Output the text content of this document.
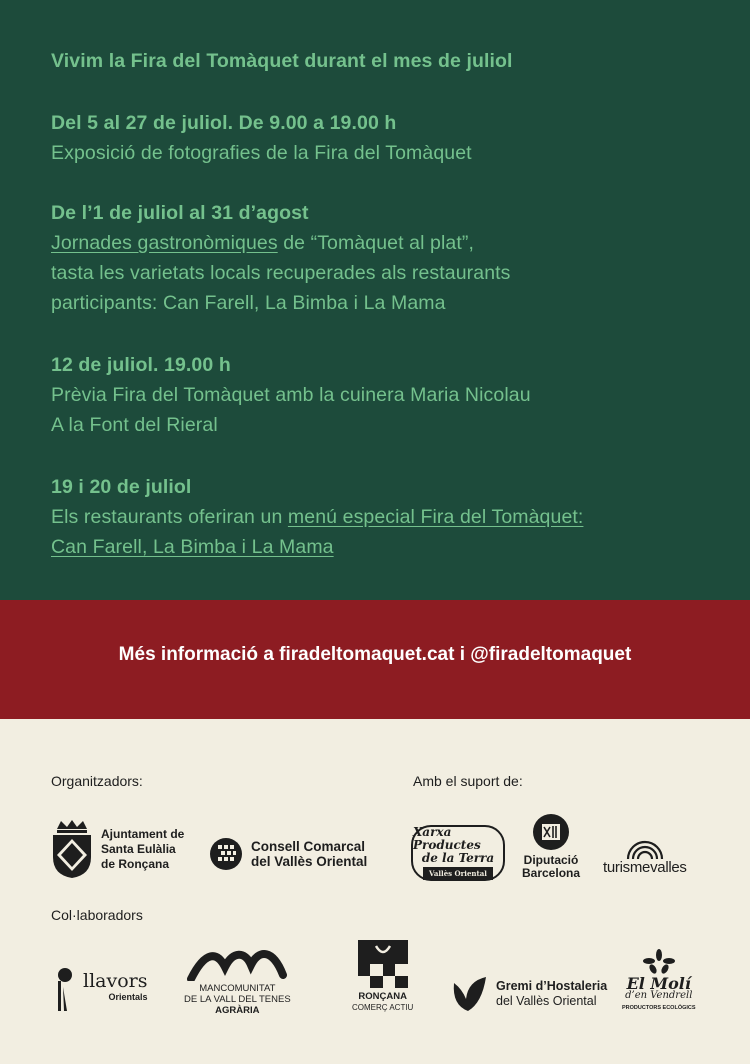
Vivim la Fira del Tomàquet durant el mes de juliol
Del 5 al 27 de juliol. De 9.00 a 19.00 h
Exposició de fotografies de la Fira del Tomàquet
De l’1 de juliol al 31 d’agost
Jornades gastronòmiques de “Tomàquet al plat”,
tasta les varietats locals recuperades als restaurants
participants: Can Farell, La Bimba i La Mama
12 de juliol. 19.00 h
Prèvia Fira del Tomàquet amb la cuinera Maria Nicolau
A la Font del Rieral
19 i 20 de juliol
Els restaurants oferiran un menú especial Fira del Tomàquet:
Can Farell, La Bimba i La Mama
Més informació a firadeltomaquet.cat i @firadeltomaquet
Organitzadors:	Amb el suport de:
Col·laboradors
Ajuntament de
Santa Eulàlia
de Ronçana
Consell Comarcal
del Vallès Oriental
Xarxa Productes
de la Terra
Vallès Oriental
Diputació
Barcelona turismevalles
llavors
Orientals
MANCOMUNITAT
DE LA VALL DEL TENES
AGRÀRIA
RONÇANA
COMERÇ ACTIU
Gremi d’Hostaleria
del Vallès Oriental
El Molí
d’en Vendrell
PRODUCTORS ECOLÒGICS
